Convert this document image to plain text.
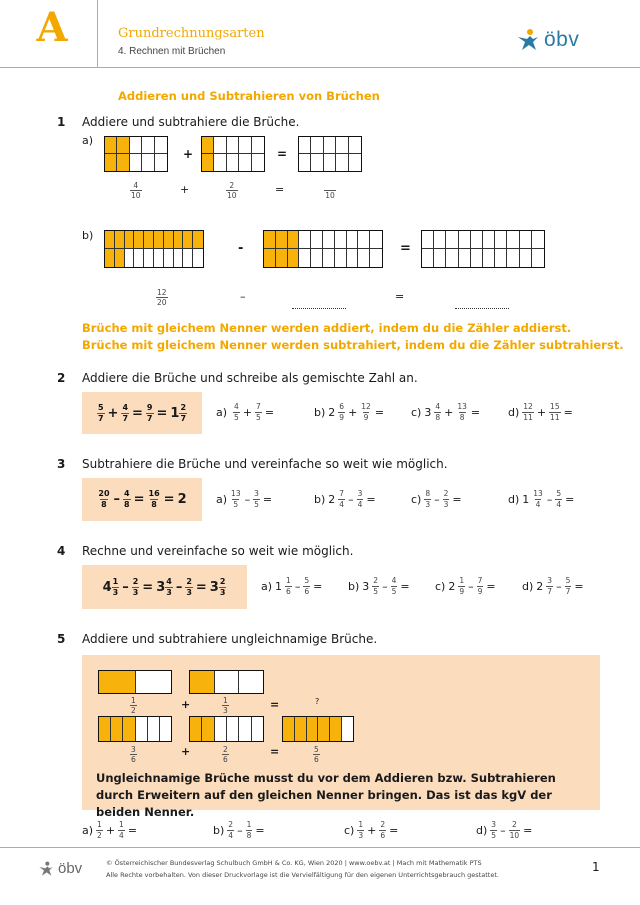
A	Grundrechnungsarten
4. Rechnen mit Brüchen
öbv
Addieren und Subtrahieren von Brüchen
1 Addiere und subtrahiere die Brüche.
a)
+	=
$\frac{4}{10}$	+	$\frac{2}{10}$	=	10
b)
-	=
$\frac{12}{20}$	–	=
Brüche mit gleichem Nenner werden addiert, indem du die Zähler addierst.
Brüche mit gleichem Nenner werden subtrahiert, indem du die Zähler subtrahierst.
2 Addiere die Brüche und schreibe als gemischte Zahl an.
$\frac{5}{7} + \frac{4}{7} = \frac{9}{7} = 1 \frac{2}{7}$	$a) \frac{4}{5} + \frac{7}{5}$ =	b) $2 \frac{6}{9} + \frac{12}{9} = c$) $3 \frac{4}{8} + \frac{13}{8}$ =	$d) \frac{12}{11} + \frac{15}{11}$ =
3 Subtrahiere die Brüche und vereinfache so weit wie möglich.
$\frac{20}{8} - \frac{4}{8} = \frac{16}{8} = 2$	$a) \frac{13}{5} - \frac{3}{5}$ =	b) $2 \frac{7}{4} - \frac{3}{4}$ =	$c) \frac{8}{3} - \frac{2}{3}$ =	d) $1 \frac{13}{4} - \frac{5}{4}$ =
4 Rechne und vereinfache so weit wie möglich.
$4 \frac{1}{3} - \frac{2}{3} = 3 \frac{4}{3} - \frac{2}{3} = 3 \frac{2}{3}$	a) $1 \frac{1}{6} - \frac{5}{6} = b$) $3 \frac{2}{5} - \frac{4}{5} = c$) $2 \frac{1}{9} - \frac{7}{9} = d$) $2 \frac{3}{7} - \frac{5}{7}$ =
5 Addiere und subtrahiere ungleichnamige Brüche.
$\frac{1}{2}$	+	$\frac{1}{3}$	=	?
$\frac{3}{6}$	+	$\frac{2}{6}$	=	$\frac{5}{6}$
Ungleichnamige Brüche musst du vor dem Addieren bzw. Subtrahieren durch Erweitern auf den gleichen Nenner bringen. Das ist das kgV der beiden Nenner.
$a) \frac{1}{2} + \frac{1}{4}$ =	$b) \frac{2}{4} - \frac{1}{8}$ =	$c) \frac{1}{3} + \frac{2}{6}$ =	$d) \frac{3}{5} - \frac{2}{10}$ =
öbv	© Österreichischer Bundesverlag Schulbuch GmbH & Co. KG, Wien 2020 | www.oebv.at | Mach mit Mathematik PTS
Alle Rechte vorbehalten. Von dieser Druckvorlage ist die Vervielfältigung für den eigenen Unterrichtsgebrauch gestattet.
1
